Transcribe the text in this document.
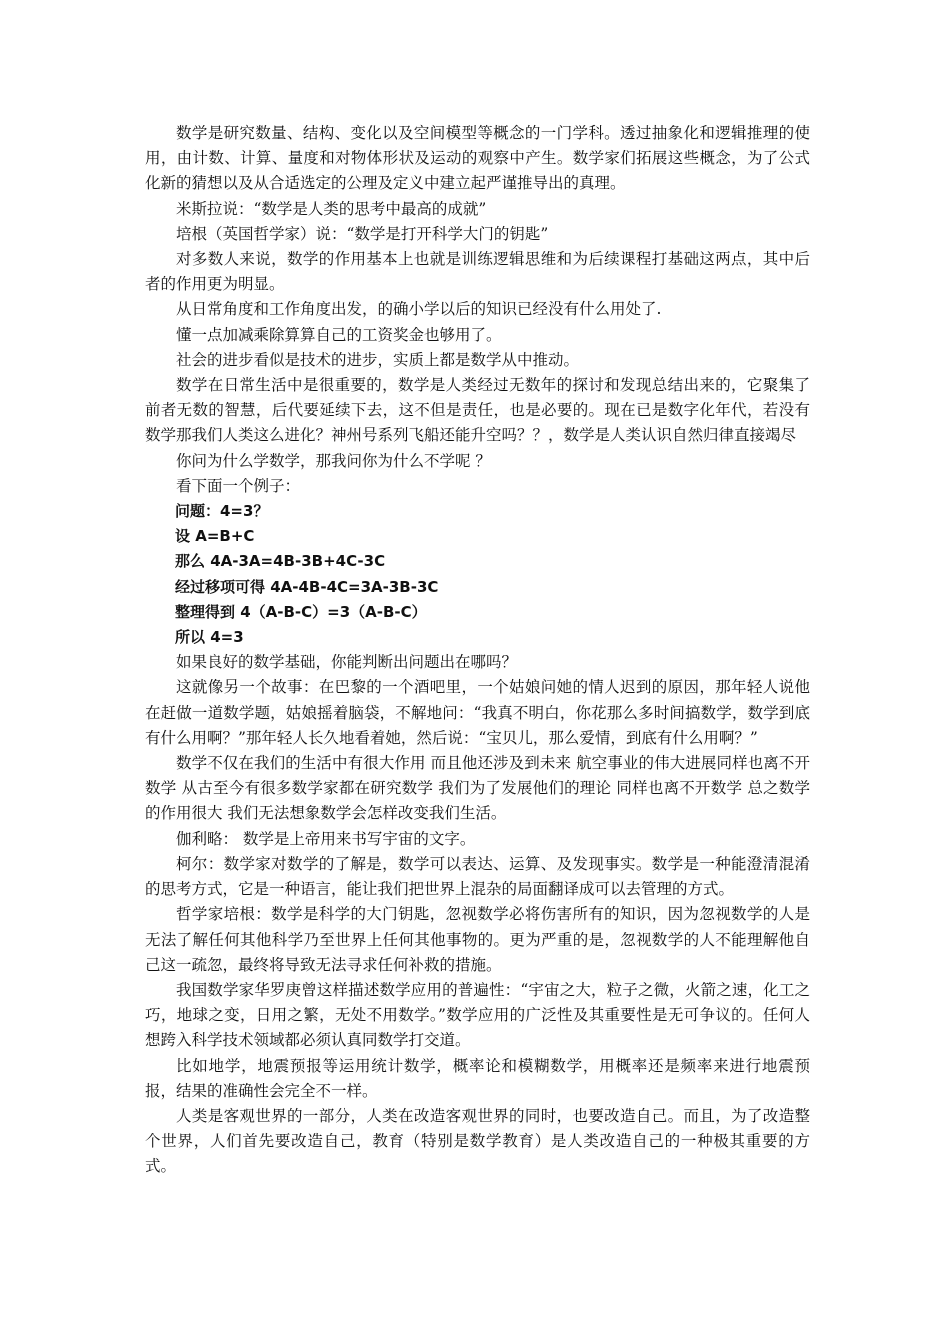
数学是研究数量、结构、变化以及空间模型等概念的一门学科。透过抽象化和逻辑推理的使用，由计数、计算、量度和对物体形状及运动的观察中产生。数学家们拓展这些概念，为了公式化新的猜想以及从合适选定的公理及定义中建立起严谨推导出的真理。

米斯拉说：“数学是人类的思考中最高的成就”

培根（英国哲学家）说：“数学是打开科学大门的钥匙”

对多数人来说，数学的作用基本上也就是训练逻辑思维和为后续课程打基础这两点，其中后者的作用更为明显。

从日常角度和工作角度出发，的确小学以后的知识已经没有什么用处了.

懂一点加减乘除算算自己的工资奖金也够用了。

社会的进步看似是技术的进步，实质上都是数学从中推动。

数学在日常生活中是很重要的，数学是人类经过无数年的探讨和发现总结出来的，它聚集了前者无数的智慧，后代要延续下去，这不但是责任，也是必要的。现在已是数字化年代，若没有数学那我们人类这么进化？神州号系列飞船还能升空吗？？，数学是人类认识自然归律直接竭尽

你问为什么学数学，那我问你为什么不学呢 ？

看下面一个例子：

问题：4=3？

设 A=B+C

那么 4A-3A=4B-3B+4C-3C

经过移项可得 4A-4B-4C=3A-3B-3C

整理得到 4（A-B-C）=3（A-B-C）

所以 4=3

如果良好的数学基础，你能判断出问题出在哪吗？

这就像另一个故事：在巴黎的一个酒吧里，一个姑娘问她的情人迟到的原因，那年轻人说他在赶做一道数学题，姑娘摇着脑袋，不解地问：“我真不明白，你花那么多时间搞数学，数学到底有什么用啊？”那年轻人长久地看着她，然后说：“宝贝儿，那么爱情，到底有什么用啊？”

数学不仅在我们的生活中有很大作用 而且他还涉及到未来 航空事业的伟大进展同样也离不开数学 从古至今有很多数学家都在研究数学 我们为了发展他们的理论 同样也离不开数学 总之数学的作用很大 我们无法想象数学会怎样改变我们生活。

伽利略： 数学是上帝用来书写宇宙的文字。

柯尔：数学家对数学的了解是，数学可以表达、运算、及发现事实。数学是一种能澄清混淆的思考方式，它是一种语言，能让我们把世界上混杂的局面翻译成可以去管理的方式。

哲学家培根：数学是科学的大门钥匙，忽视数学必将伤害所有的知识，因为忽视数学的人是无法了解任何其他科学乃至世界上任何其他事物的。更为严重的是，忽视数学的人不能理解他自己这一疏忽，最终将导致无法寻求任何补救的措施。

我国数学家华罗庚曾这样描述数学应用的普遍性：“宇宙之大，粒子之微，火箭之速，化工之巧，地球之变，日用之繁，无处不用数学。”数学应用的广泛性及其重要性是无可争议的。任何人想跨入科学技术领域都必须认真同数学打交道。

比如地学，地震预报等运用统计数学，概率论和模糊数学，用概率还是频率来进行地震预报，结果的准确性会完全不一样。

人类是客观世界的一部分，人类在改造客观世界的同时，也要改造自己。而且，为了改造整个世界，人们首先要改造自己，教育（特别是数学教育）是人类改造自己的一种极其重要的方式。
